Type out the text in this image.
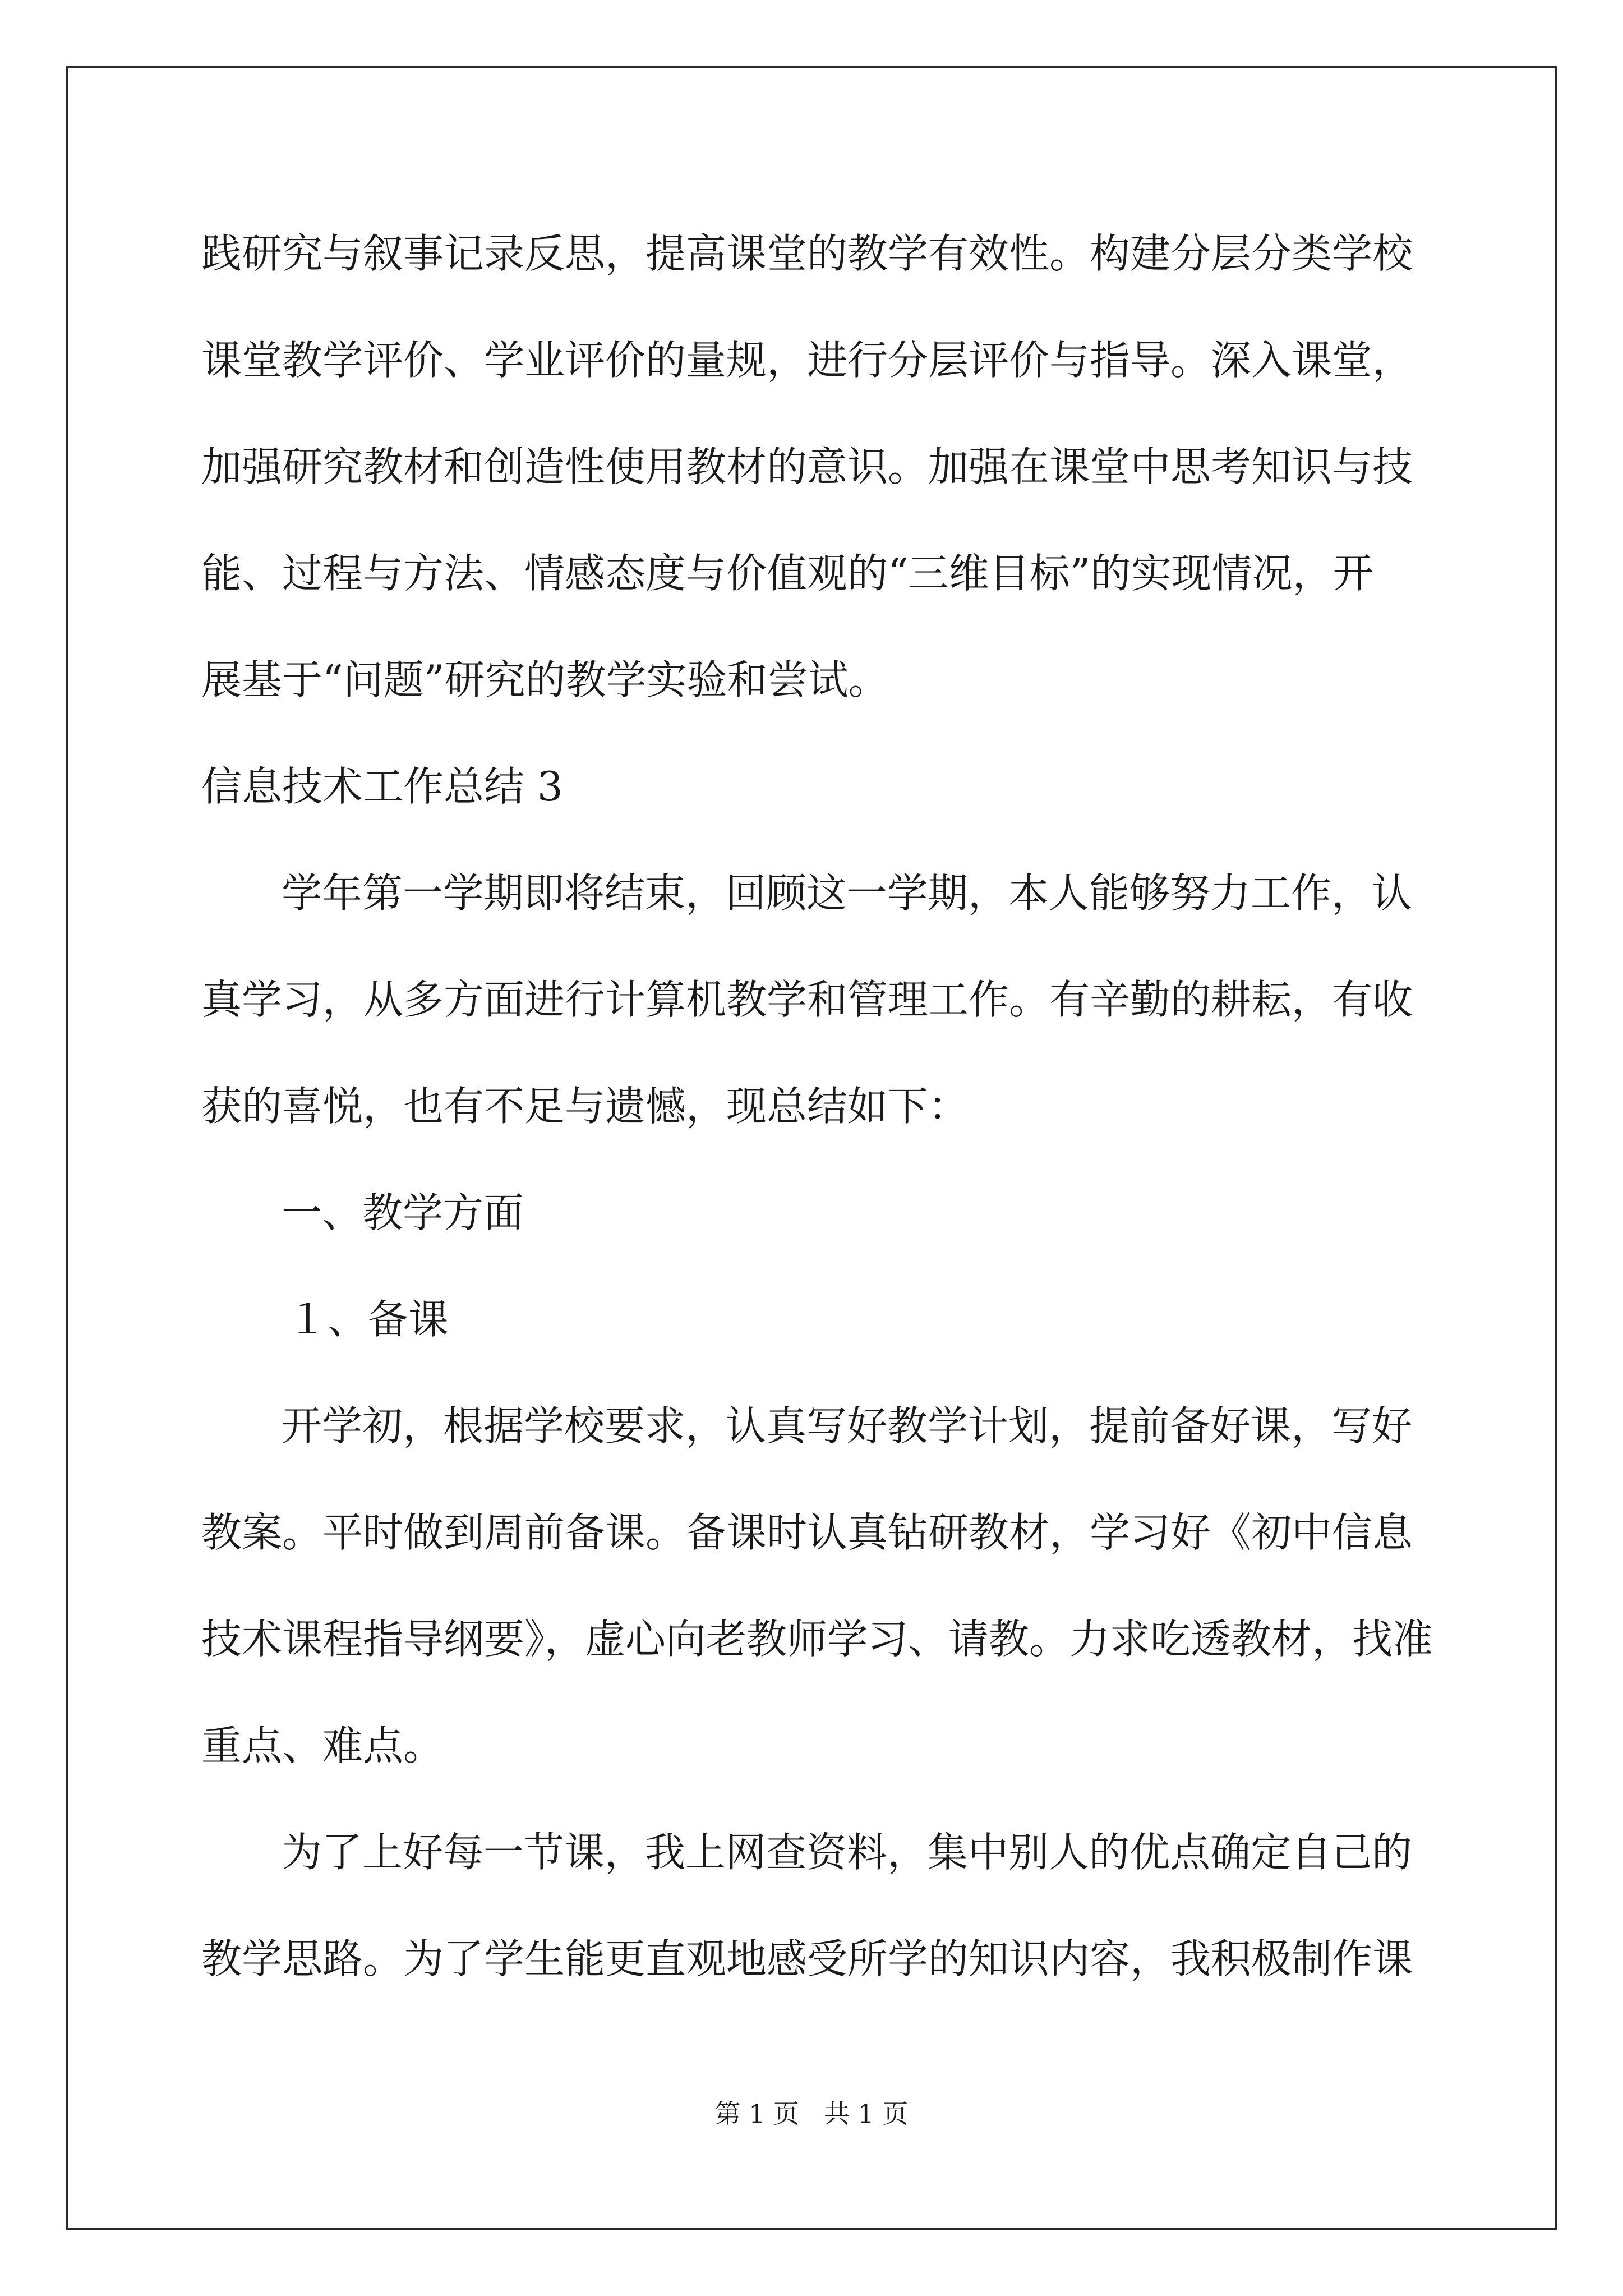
践研究与叙事记录反思，提高课堂的教学有效性。构建分层分类学校
课堂教学评价、学业评价的量规，进行分层评价与指导。深入课堂，
加强研究教材和创造性使用教材的意识。加强在课堂中思考知识与技
能、过程与方法、情感态度与价值观的“三维目标”的实现情况，开
展基于“问题”研究的教学实验和尝试。
信息技术工作总结 3
学年第一学期即将结束，回顾这一学期，本人能够努力工作，认
真学习，从多方面进行计算机教学和管理工作。有辛勤的耕耘，有收
获的喜悦，也有不足与遗憾，现总结如下：
一、教学方面
１、备课
开学初，根据学校要求，认真写好教学计划，提前备好课，写好
教案。平时做到周前备课。备课时认真钻研教材，学习好《初中信息
技术课程指导纲要》，虚心向老教师学习、请教。力求吃透教材，找准
重点、难点。
为了上好每一节课，我上网查资料，集中别人的优点确定自己的
教学思路。为了学生能更直观地感受所学的知识内容，我积极制作课
第 1 页 共 1 页
